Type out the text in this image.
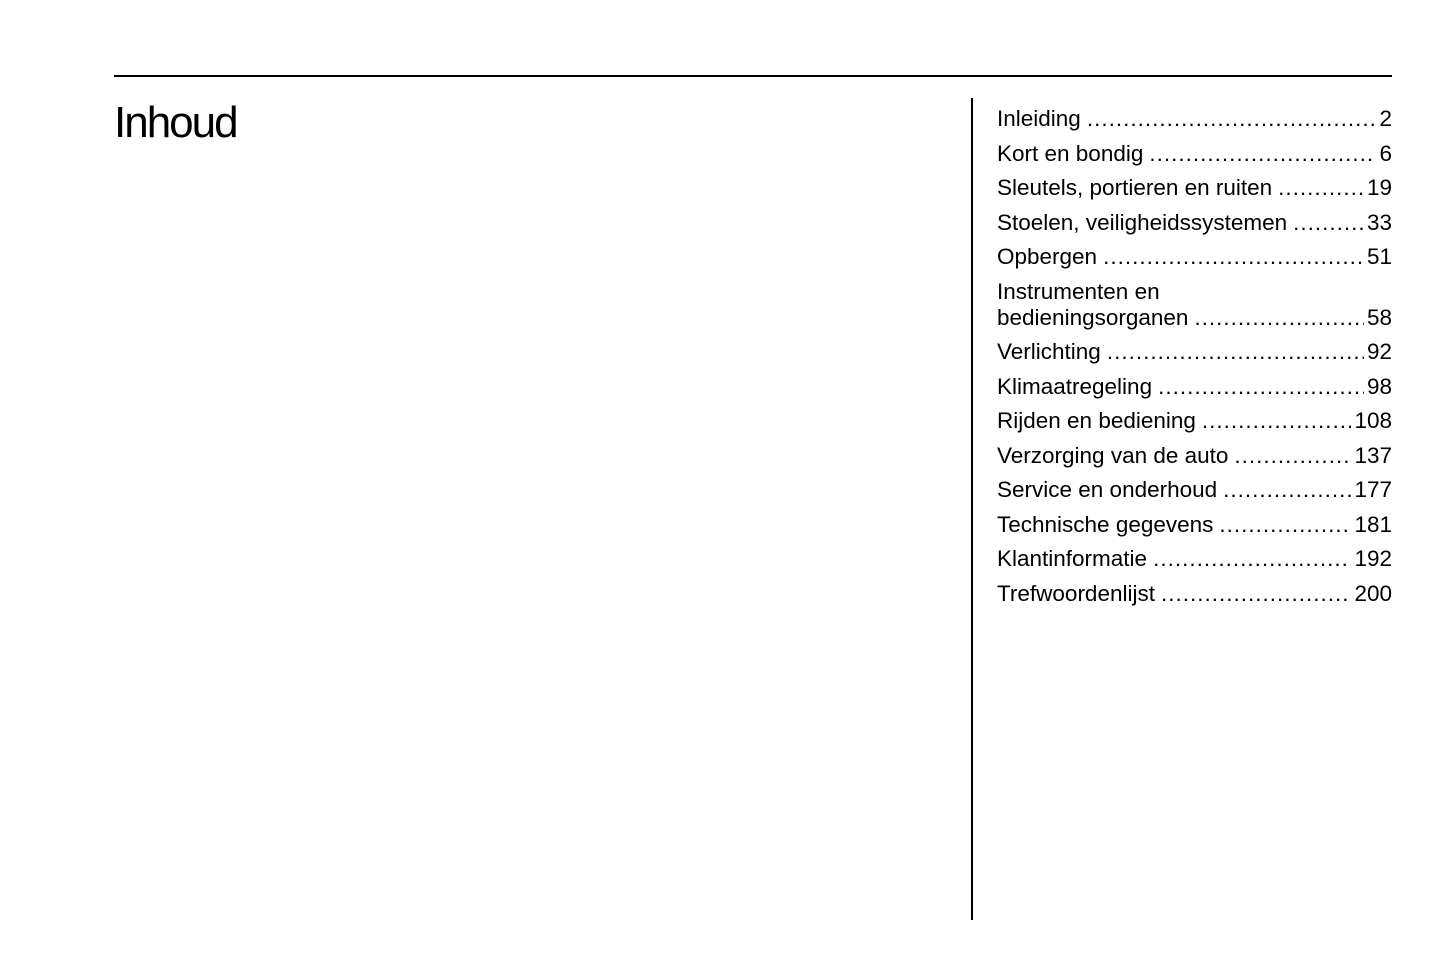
Inhoud	Inleiding .....	2
Kort en bondig .....	6
Sleutels, portieren en ruiten .....	19
Stoelen, veiligheidssystemen .....	33
Opbergen .....	51
Instrumenten en
bedieningsorganen .....	58
Verlichting .....	92
Klimaatregeling .....	98
Rijden en bediening .....	108
Verzorging van de auto .....	137
Service en onderhoud .....	177
Technische gegevens .....	181
Klantinformatie .....	192
Trefwoordenlijst .....	200
